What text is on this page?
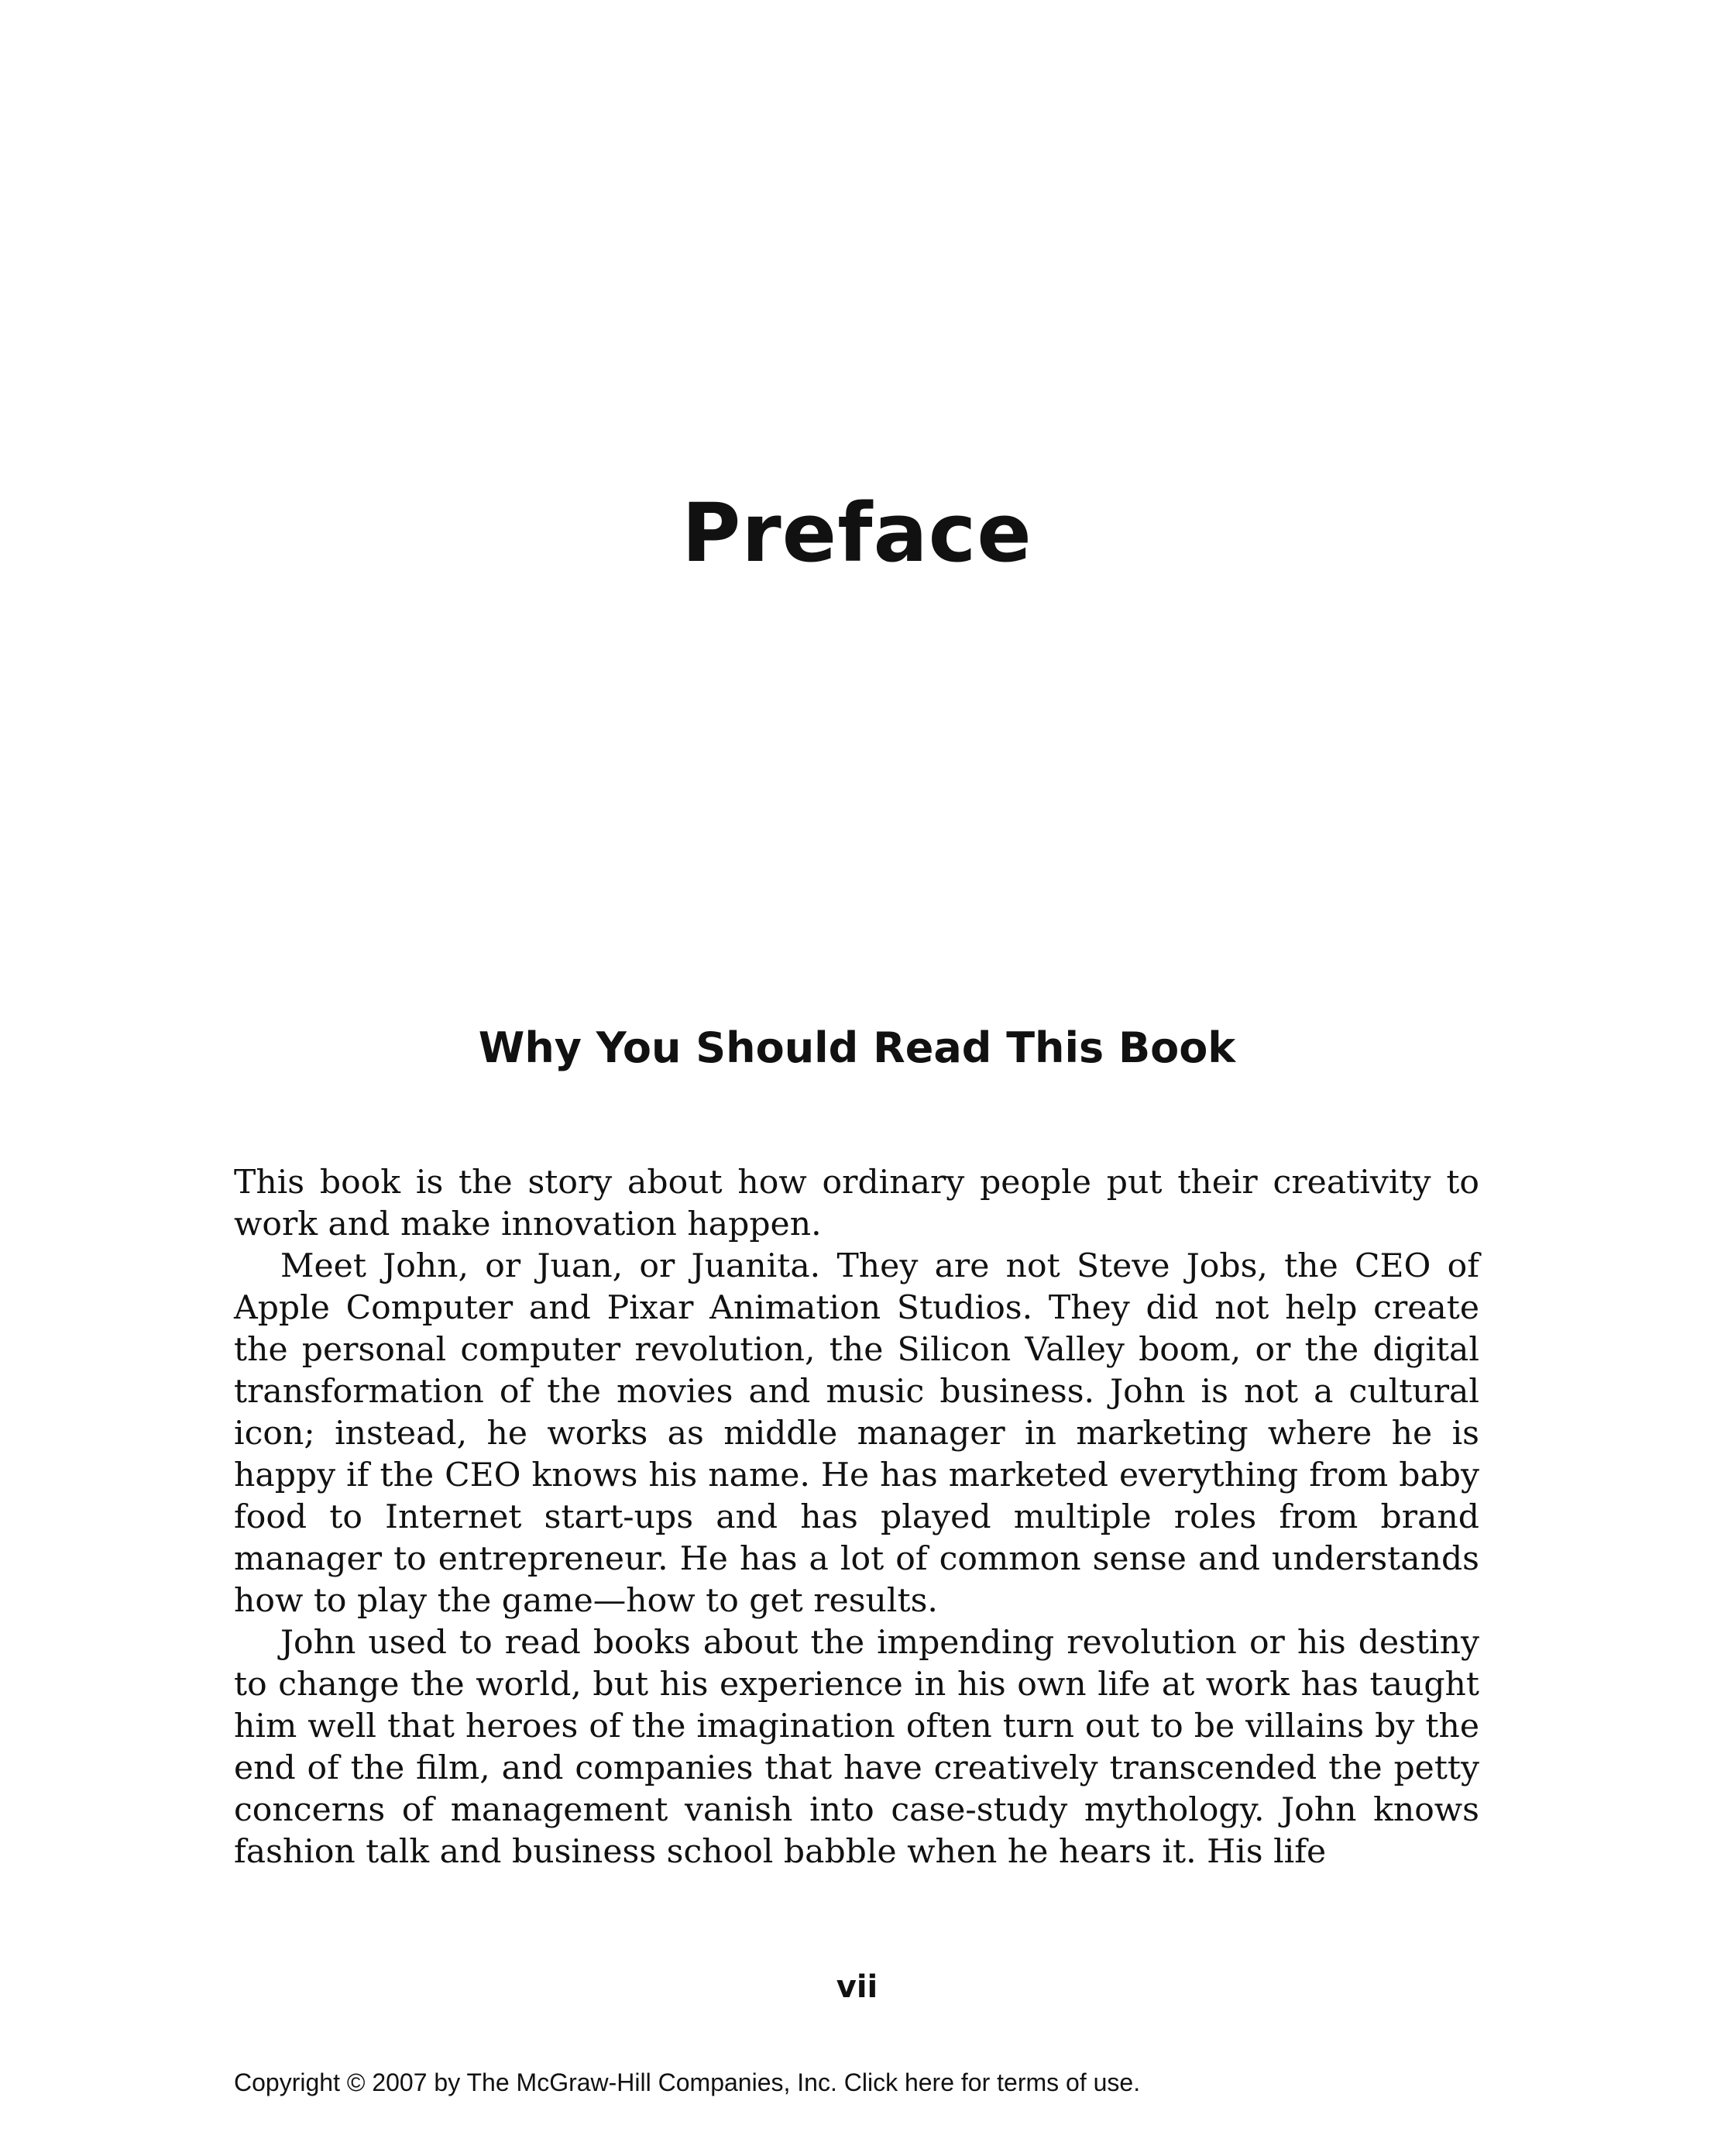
Preface
Why You Should Read This Book

This book is the story about how ordinary people put their creativity to work and make innovation happen.

Meet John, or Juan, or Juanita. They are not Steve Jobs, the CEO of Apple Computer and Pixar Animation Studios. They did not help create the personal computer revolution, the Silicon Valley boom, or the digital transformation of the movies and music business. John is not a cultural icon; instead, he works as middle manager in marketing where he is happy if the CEO knows his name. He has marketed everything from baby food to Internet start-ups and has played multiple roles from brand manager to entrepreneur. He has a lot of common sense and understands how to play the game—how to get results.

John used to read books about the impending revolution or his destiny to change the world, but his experience in his own life at work has taught him well that heroes of the imagination often turn out to be villains by the end of the film, and companies that have creatively transcended the petty concerns of management vanish into case-study mythology. John knows fashion talk and business school babble when he hears it. His life

vii
Copyright © 2007 by The McGraw-Hill Companies, Inc. Click here for terms of use.
